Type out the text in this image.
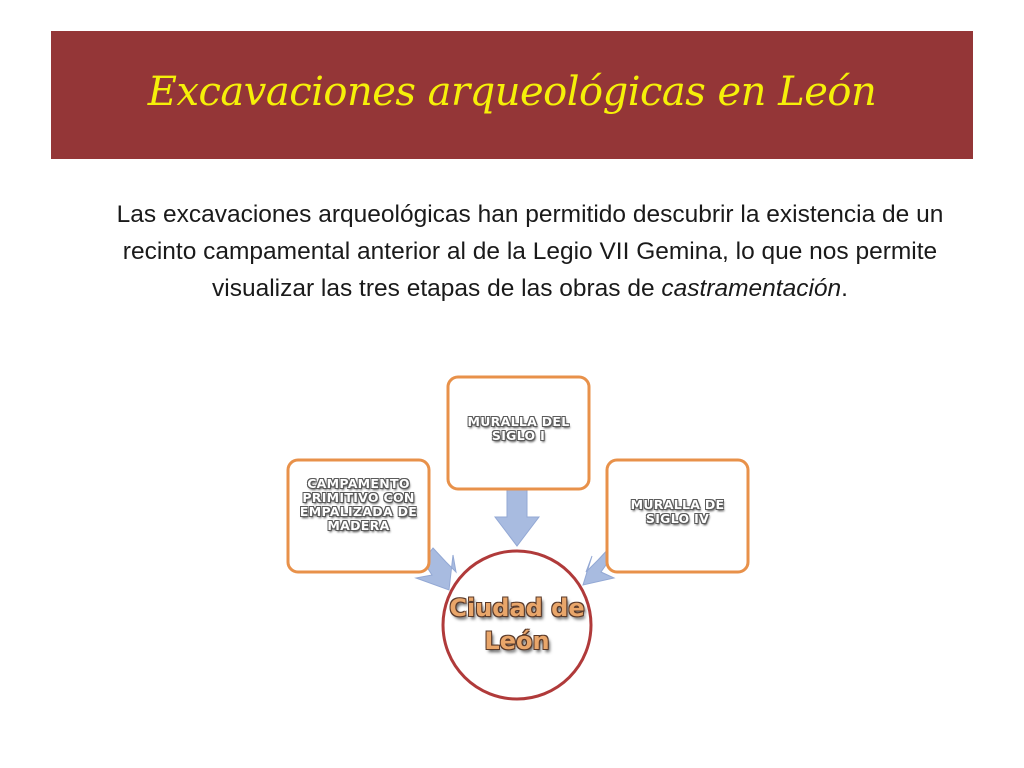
Excavaciones arqueológicas en León
Las excavaciones arqueológicas han permitido descubrir la existencia de un recinto campamental anterior al de la Legio VII Gemina, lo que nos permite visualizar las tres etapas de las obras de castramentación.
CAMPAMENTO
PRIMITIVO CON
EMPALIZADA DE
MADERA
MURALLA DEL
SIGLO I
MURALLA DE
SIGLO IV
Ciudad de
León
